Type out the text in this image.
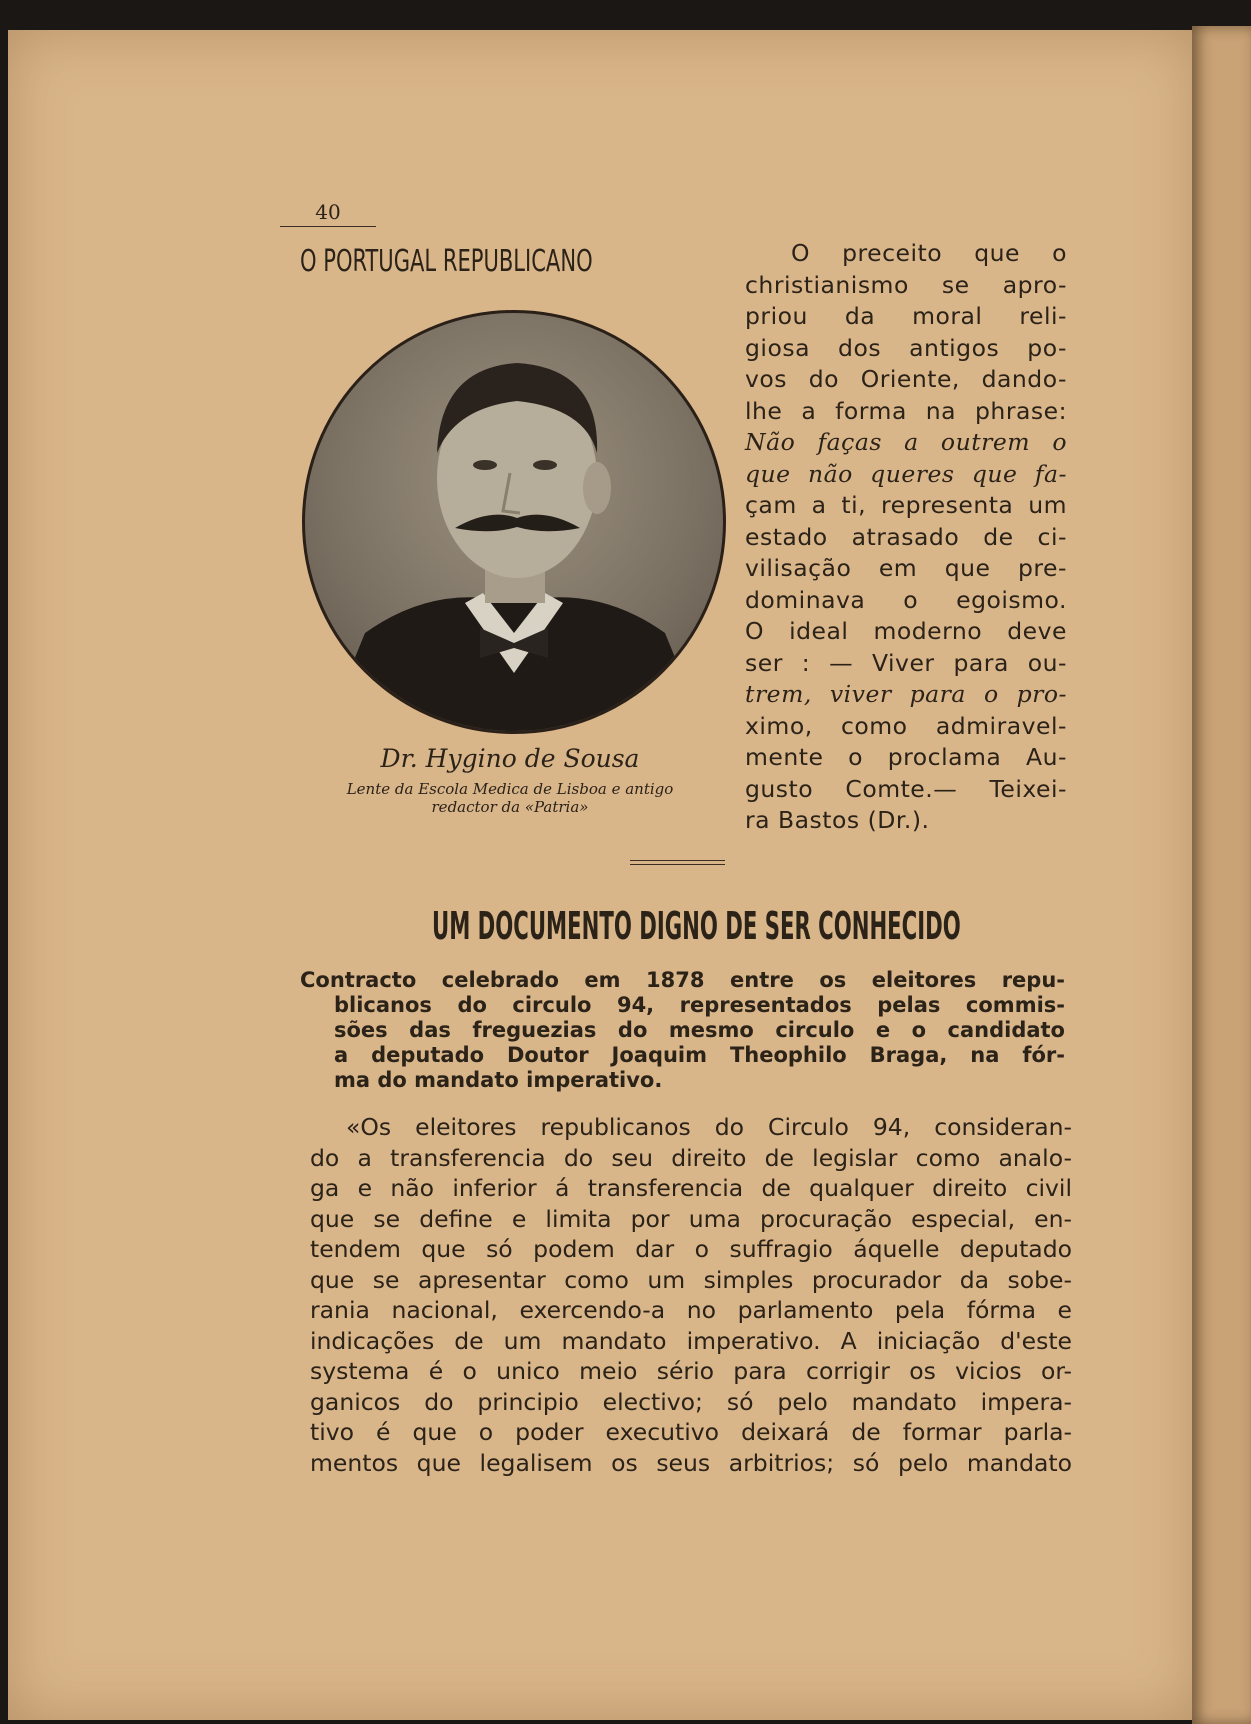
40
O PORTUGAL REPUBLICANO
Dr. Hygino de Sousa
Lente da Escola Medica de Lisboa e antigo
redactor da «Patria»
O preceito que o
christianismo se apro-
priou da moral reli-
giosa dos antigos po-
vos do Oriente, dando-
lhe a forma na phrase:
Não faças a outrem o
que não queres que fa-
çam a ti, representa um
estado atrasado de ci-
vilisação em que pre-
dominava o egoismo.
O ideal moderno deve
ser : — Viver para ou-
trem, viver para o pro-
ximo, como admiravel-
mente o proclama Au-
gusto Comte.— Teixei-
ra Bastos (Dr.).
UM DOCUMENTO DIGNO DE SER CONHECIDO
Contracto celebrado em 1878 entre os eleitores repu-
blicanos do circulo 94, representados pelas commis-
sões das freguezias do mesmo circulo e o candidato
a deputado Doutor Joaquim Theophilo Braga, na fór-
ma do mandato imperativo.
«Os eleitores republicanos do Circulo 94, consideran-
do a transferencia do seu direito de legislar como analo-
ga e não inferior á transferencia de qualquer direito civil
que se define e limita por uma procuração especial, en-
tendem que só podem dar o suffragio áquelle deputado
que se apresentar como um simples procurador da sobe-
rania nacional, exercendo-a no parlamento pela fórma e
indicações de um mandato imperativo. A iniciação d'este
systema é o unico meio sério para corrigir os vicios or-
ganicos do principio electivo; só pelo mandato impera-
tivo é que o poder executivo deixará de formar parla-
mentos que legalisem os seus arbitrios; só pelo mandato
